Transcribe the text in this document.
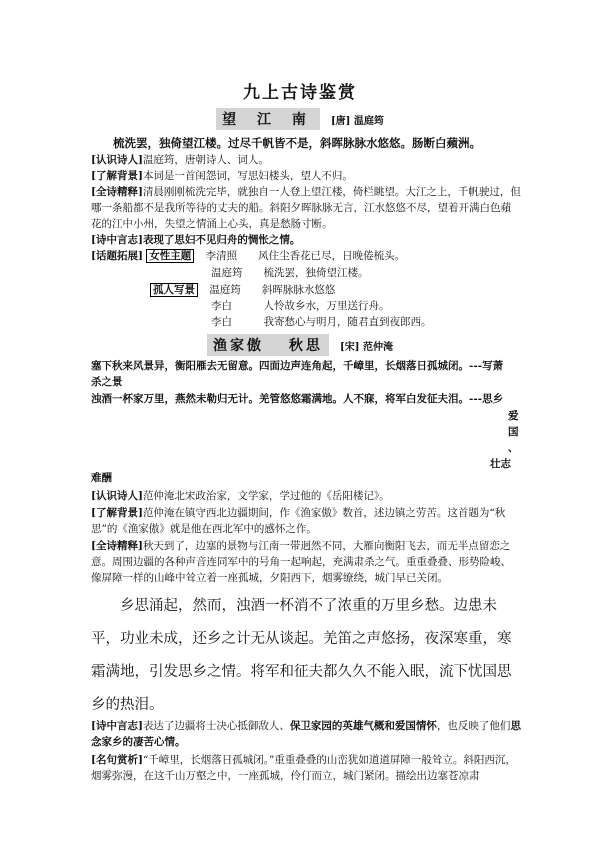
九上古诗鉴赏
望 江 南 [唐] 温庭筠
梳洗罢，独倚望江楼。过尽千帆皆不是，斜晖脉脉水悠悠。肠断白蘋洲。
[认识诗人]温庭筠，唐朝诗人、词人。
[了解背景]本词是一首闺怨词，写思妇楼头，望人不归。
[全诗精释]清晨刚刚梳洗完毕，就独自一人登上望江楼，倚栏眺望。大江之上，千帆驶过，但哪一条船都不是我所等待的丈夫的船。斜阳夕晖脉脉无言，江水悠悠不尽，望着开满白色蘋花的江中小州，失望之情涌上心头，真是愁肠寸断。
[诗中言志]表现了思妇不见归舟的惆怅之情。
[话题拓展] 女性主题 李清照　　风住尘香花已尽，日晚倦梳头。
温庭筠　　梳洗罢，独倚望江楼。
孤人写景 温庭筠　　斜晖脉脉水悠悠
李白　　　人怜故乡水，万里送行舟。
李白　　　我寄愁心与明月，随君直到夜郎西。
渔家傲　 秋思 [宋] 范仲淹
塞下秋来风景异，衡阳雁去无留意。四面边声连角起，千嶂里，长烟落日孤城闭。---写萧
杀之景
浊酒一杯家万里，燕然未勒归无计。羌管悠悠霜满地。人不寐，将军白发征夫泪。---思乡
爱
国
、
壮志
难酬
[认识诗人]范仲淹北宋政治家，文学家，学过他的《岳阳楼记》。
[了解背景]范仲淹在镇守西北边疆期间，作《渔家傲》数首，述边镇之劳苦。这首题为“秋思”的《渔家傲》就是他在西北军中的感怀之作。
[全诗精释]秋天到了，边塞的景物与江南一带迥然不同，大雁向衡阳飞去，而无半点留恋之意。周围边疆的各种声音连同军中的号角一起响起，充满肃杀之气。重重叠叠、形势险峻、像屏障一样的山峰中耸立着一座孤城，夕阳西下，烟雾缭绕，城门早已关闭。
乡思涌起，然而，浊酒一杯消不了浓重的万里乡愁。边患未平，功业未成，还乡之计无从谈起。羌笛之声悠扬，夜深寒重，寒霜满地，引发思乡之情。将军和征夫都久久不能入眠，流下忧国思乡的热泪。
[诗中言志]表达了边疆将士决心抵御敌人、保卫家园的英雄气概和爱国情怀，也反映了他们思念家乡的凄苦心情。
[名句赏析]“千嶂里，长烟落日孤城闭。”重重叠叠的山峦犹如道道屏障一般耸立。斜阳西沉，烟雾弥漫，在这千山万壑之中，一座孤城，伶仃而立，城门紧闭。描绘出边塞苍凉肃
